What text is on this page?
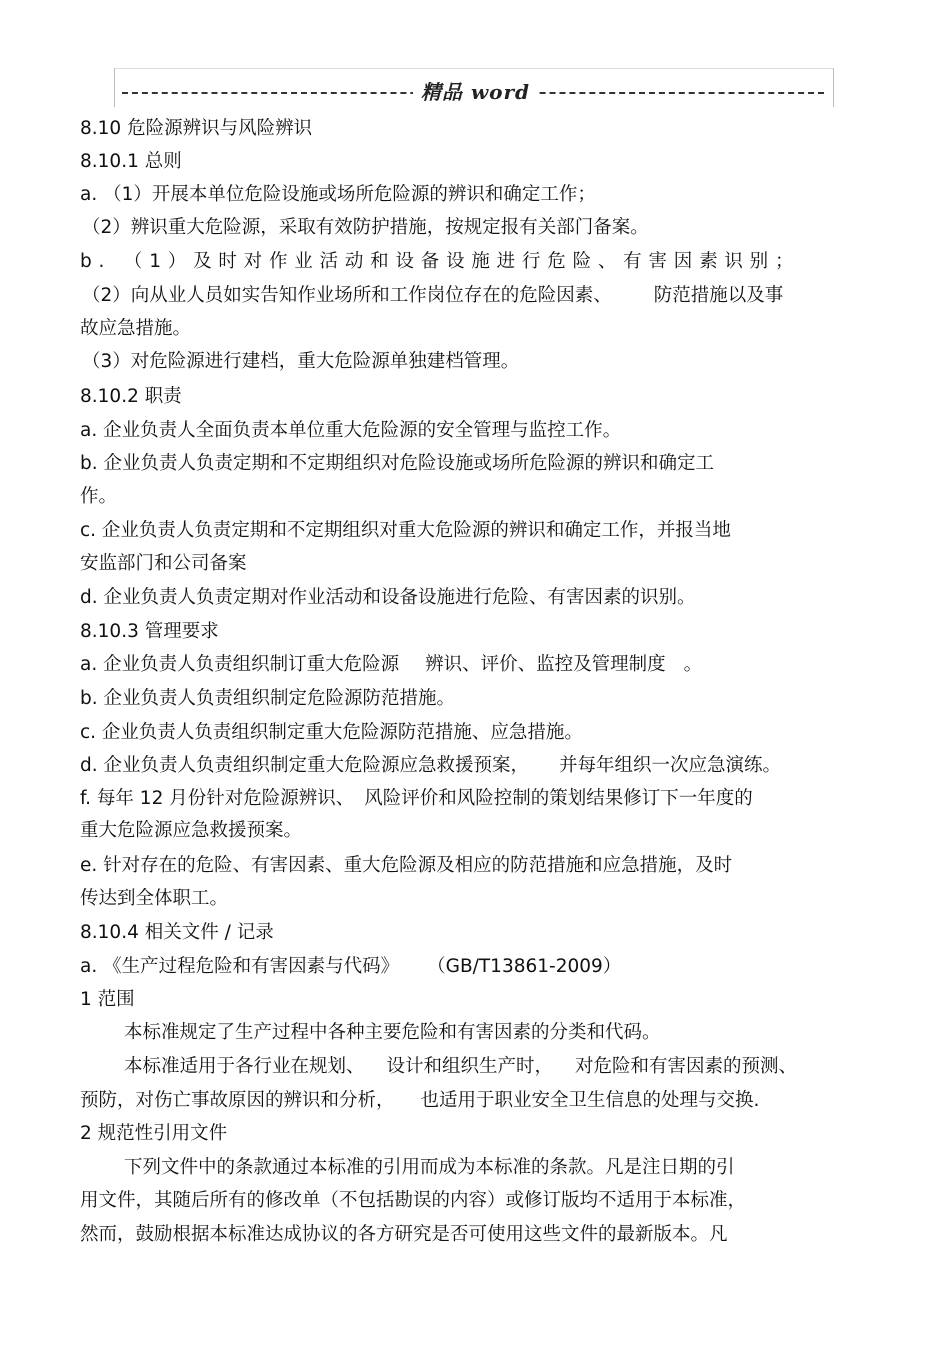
精品 word
8.10 危险源辨识与风险辨识
8.10.1 总则
a. （1）开展本单位危险设施或场所危险源的辨识和确定工作；
（2）辨识重大危险源，采取有效防护措施，按规定报有关部门备案。
b. （1）及时对作业活动和设备设施进行危险、有害因素识别；
（2）向从业人员如实告知作业场所和工作岗位存在的危险因素、 防范措施以及事
故应急措施。
（3）对危险源进行建档，重大危险源单独建档管理。
8.10.2 职责
a. 企业负责人全面负责本单位重大危险源的安全管理与监控工作。
b. 企业负责人负责定期和不定期组织对危险设施或场所危险源的辨识和确定工
作。
c. 企业负责人负责定期和不定期组织对重大危险源的辨识和确定工作，并报当地
安监部门和公司备案
d. 企业负责人负责定期对作业活动和设备设施进行危险、有害因素的识别。
8.10.3 管理要求
a. 企业负责人负责组织制订重大危险源 辨识、评价、监控及管理制度 。
b. 企业负责人负责组织制定危险源防范措施。
c. 企业负责人负责组织制定重大危险源防范措施、应急措施。
d. 企业负责人负责组织制定重大危险源应急救援预案， 并每年组织一次应急演练。
f. 每年 12 月份针对危险源辨识、 风险评价和风险控制的策划结果修订下一年度的
重大危险源应急救援预案。
e. 针对存在的危险、有害因素、重大危险源及相应的防范措施和应急措施，及时
传达到全体职工。
8.10.4 相关文件 / 记录
a. 《生产过程危险和有害因素与代码》 （GB/T13861-2009）
1 范围
本标准规定了生产过程中各种主要危险和有害因素的分类和代码。
本标准适用于各行业在规划、 设计和组织生产时， 对危险和有害因素的预测、
预防，对伤亡事故原因的辨识和分析， 也适用于职业安全卫生信息的处理与交换.
2 规范性引用文件
下列文件中的条款通过本标准的引用而成为本标准的条款。凡是注日期的引
用文件，其随后所有的修改单（不包括勘误的内容）或修订版均不适用于本标准，
然而，鼓励根据本标准达成协议的各方研究是否可使用这些文件的最新版本。凡
